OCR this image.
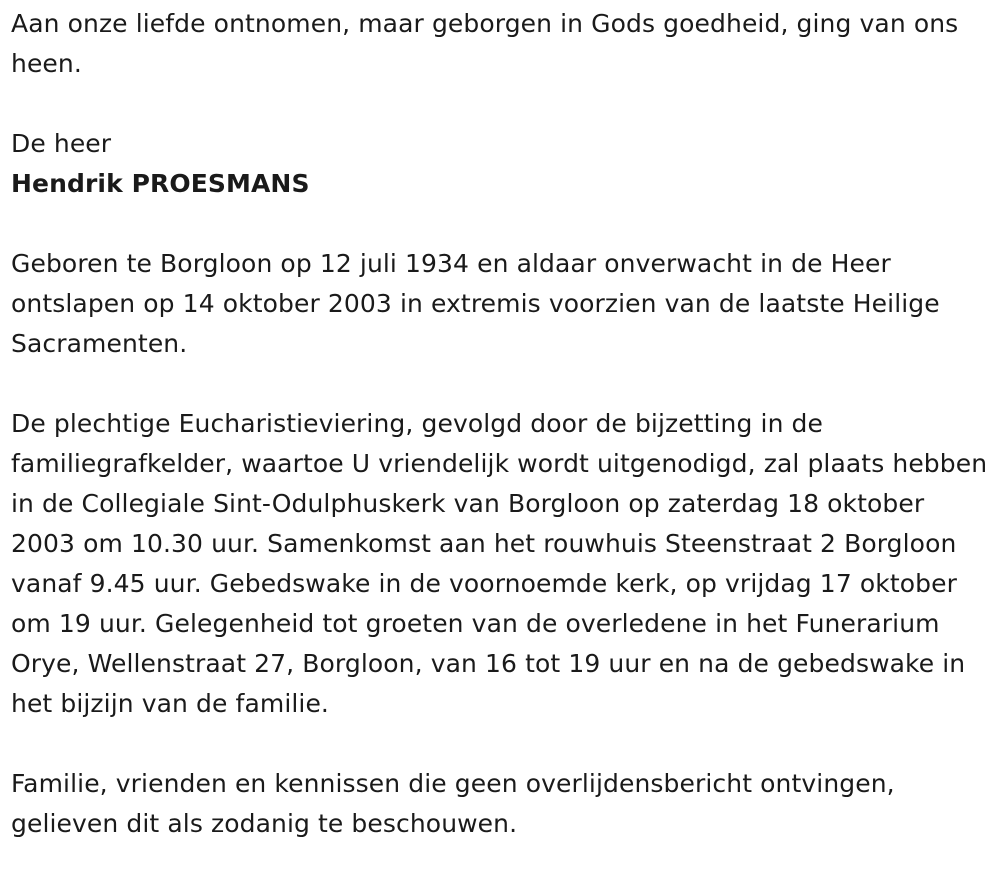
Aan onze liefde ontnomen, maar geborgen in Gods goedheid, ging van ons heen.

De heer

Hendrik PROESMANS

Geboren te Borgloon op 12 juli 1934 en aldaar onverwacht in de Heer ontslapen op 14 oktober 2003 in extremis voorzien van de laatste Heilige Sacramenten.

De plechtige Eucharistieviering, gevolgd door de bijzetting in de familiegrafkelder, waartoe U vriendelijk wordt uitgenodigd, zal plaats hebben in de Collegiale Sint-Odulphuskerk van Borgloon op zaterdag 18 oktober 2003 om 10.30 uur. Samenkomst aan het rouwhuis Steenstraat 2 Borgloon vanaf 9.45 uur. Gebedswake in de voornoemde kerk, op vrijdag 17 oktober om 19 uur. Gelegenheid tot groeten van de overledene in het Funerarium Orye, Wellenstraat 27, Borgloon, van 16 tot 19 uur en na de gebedswake in het bijzijn van de familie.

Familie, vrienden en kennissen die geen overlijdensbericht ontvingen, gelieven dit als zodanig te beschouwen.
